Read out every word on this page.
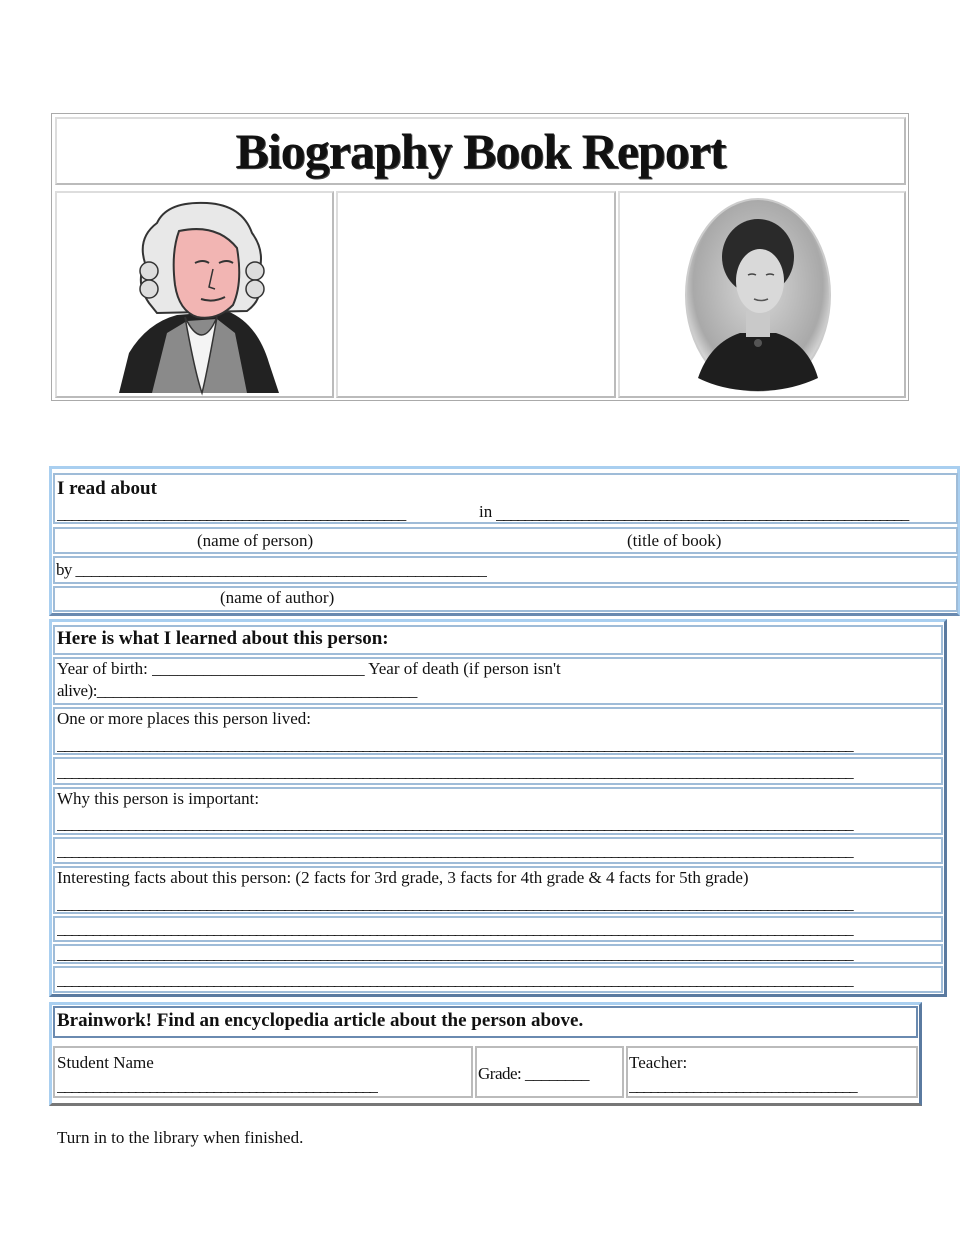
Biography Book Report
I read about
_________________________________________________	in __________________________________________________________
(name of person)	(title of book)
by ____________________________________________________
(name of author)
Here is what I learned about this person:
Year of birth: _________________________ Year of death (if person isn't
alive):________________________________________
One or more places this person lived:
________________________________________________________________________________________________________________
________________________________________________________________________________________________________________
Why this person is important:
________________________________________________________________________________________________________________
________________________________________________________________________________________________________________
Interesting facts about this person: (2 facts for 3rd grade, 3 facts for 4th grade & 4 facts for 5th grade)
________________________________________________________________________________________________________________
________________________________________________________________________________________________________________
________________________________________________________________________________________________________________
________________________________________________________________________________________________________________
Brainwork! Find an encyclopedia article about the person above.
Student Name
_____________________________________________
Grade: ________
Teacher:
________________________________
Turn in to the library when finished.
